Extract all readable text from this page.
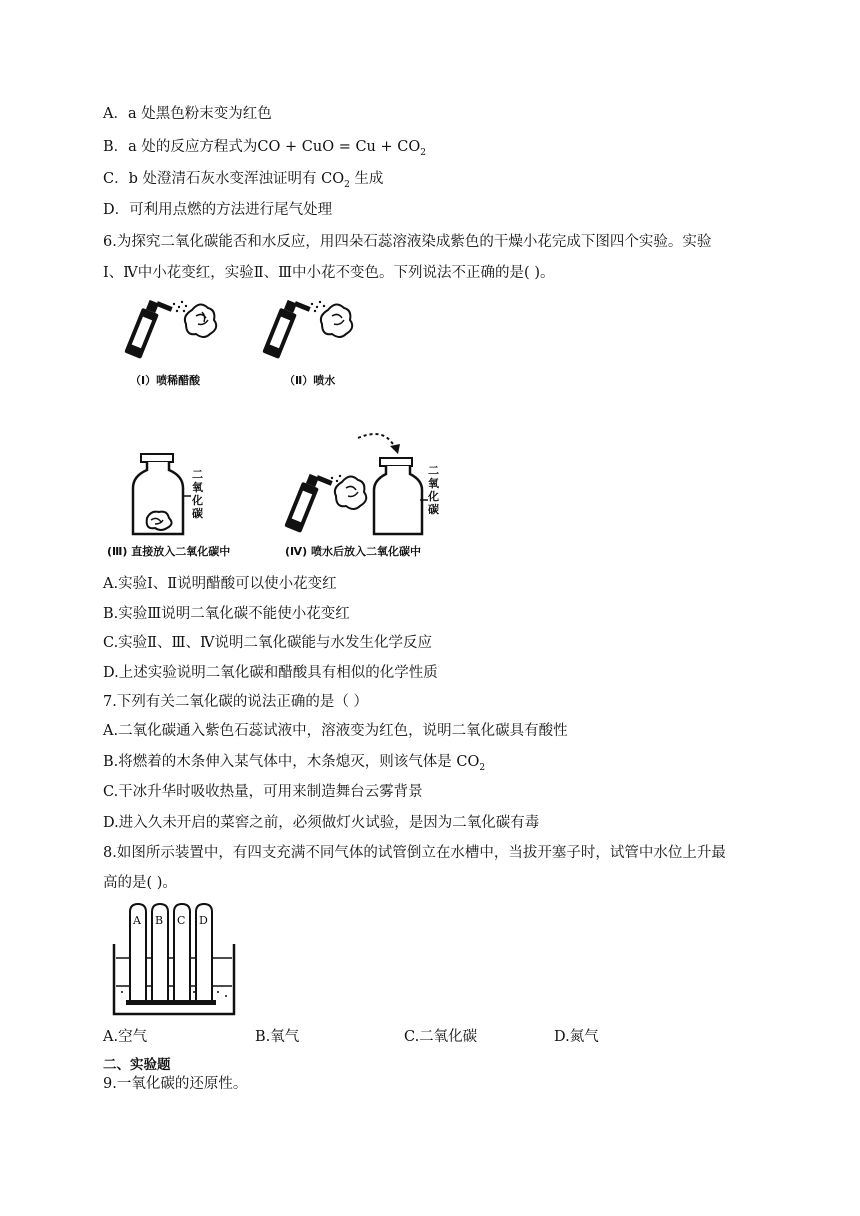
A．a 处黑色粉末变为红色
B．a 处的反应方程式为CO + CuO = $Cu + CO_2$
C．b 处澄清石灰水变浑浊证明有 $CO_2$ 生成
D．可利用点燃的方法进行尾气处理
6.为探究二氧化碳能否和水反应，用四朵石蕊溶液染成紫色的干燥小花完成下图四个实验。实验
Ⅰ、Ⅳ中小花变红，实验Ⅱ、Ⅲ中小花不变色。下列说法不正确的是( )。
（Ⅰ）喷稀醋酸	（Ⅱ）喷水
二氧化碳
(Ⅲ) 直接放入二氧化碳中
二氧化碳
(Ⅳ) 喷水后放入二氧化碳中
A.实验Ⅰ、Ⅱ说明醋酸可以使小花变红
B.实验Ⅲ说明二氧化碳不能使小花变红
C.实验Ⅱ、Ⅲ、Ⅳ说明二氧化碳能与水发生化学反应
D.上述实验说明二氧化碳和醋酸具有相似的化学性质
7.下列有关二氧化碳的说法正确的是（ ）
A.二氧化碳通入紫色石蕊试液中，溶液变为红色，说明二氧化碳具有酸性
B.将燃着的木条伸入某气体中，木条熄灭，则该气体是 $CO_2$
C.干冰升华时吸收热量，可用来制造舞台云雾背景
D.进入久未开启的菜窖之前，必须做灯火试验，是因为二氧化碳有毒
8.如图所示装置中，有四支充满不同气体的试管倒立在水槽中，当拔开塞子时，试管中水位上升最
高的是( )。
A B C D
A.空气	B.氧气	C.二氧化碳	D.氮气
二、实验题
9.一氧化碳的还原性。
